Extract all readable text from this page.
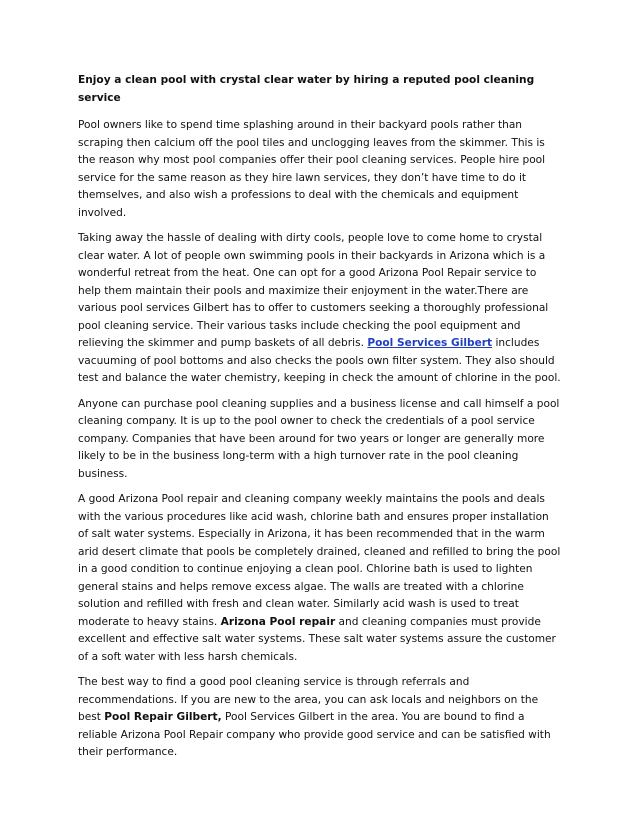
Enjoy a clean pool with crystal clear water by hiring a reputed pool cleaning service

Pool owners like to spend time splashing around in their backyard pools rather than scraping then calcium off the pool tiles and unclogging leaves from the skimmer. This is the reason why most pool companies offer their pool cleaning services. People hire pool service for the same reason as they hire lawn services, they don’t have time to do it themselves, and also wish a professions to deal with the chemicals and equipment involved.

Taking away the hassle of dealing with dirty cools, people love to come home to crystal clear water. A lot of people own swimming pools in their backyards in Arizona which is a wonderful retreat from the heat. One can opt for a good Arizona Pool Repair service to help them maintain their pools and maximize their enjoyment in the water.There are various pool services Gilbert has to offer to customers seeking a thoroughly professional pool cleaning service. Their various tasks include checking the pool equipment and relieving the skimmer and pump baskets of all debris. Pool Services Gilbert includes vacuuming of pool bottoms and also checks the pools own filter system. They also should test and balance the water chemistry, keeping in check the amount of chlorine in the pool.

Anyone can purchase pool cleaning supplies and a business license and call himself a pool cleaning company. It is up to the pool owner to check the credentials of a pool service company. Companies that have been around for two years or longer are generally more likely to be in the business long-term with a high turnover rate in the pool cleaning business.

A good Arizona Pool repair and cleaning company weekly maintains the pools and deals with the various procedures like acid wash, chlorine bath and ensures proper installation of salt water systems. Especially in Arizona, it has been recommended that in the warm arid desert climate that pools be completely drained, cleaned and refilled to bring the pool in a good condition to continue enjoying a clean pool. Chlorine bath is used to lighten general stains and helps remove excess algae. The walls are treated with a chlorine solution and refilled with fresh and clean water. Similarly acid wash is used to treat moderate to heavy stains. Arizona Pool repair and cleaning companies must provide excellent and effective salt water systems. These salt water systems assure the customer of a soft water with less harsh chemicals.

The best way to find a good pool cleaning service is through referrals and recommendations. If you are new to the area, you can ask locals and neighbors on the best Pool Repair Gilbert, Pool Services Gilbert in the area. You are bound to find a reliable Arizona Pool Repair company who provide good service and can be satisfied with their performance.
